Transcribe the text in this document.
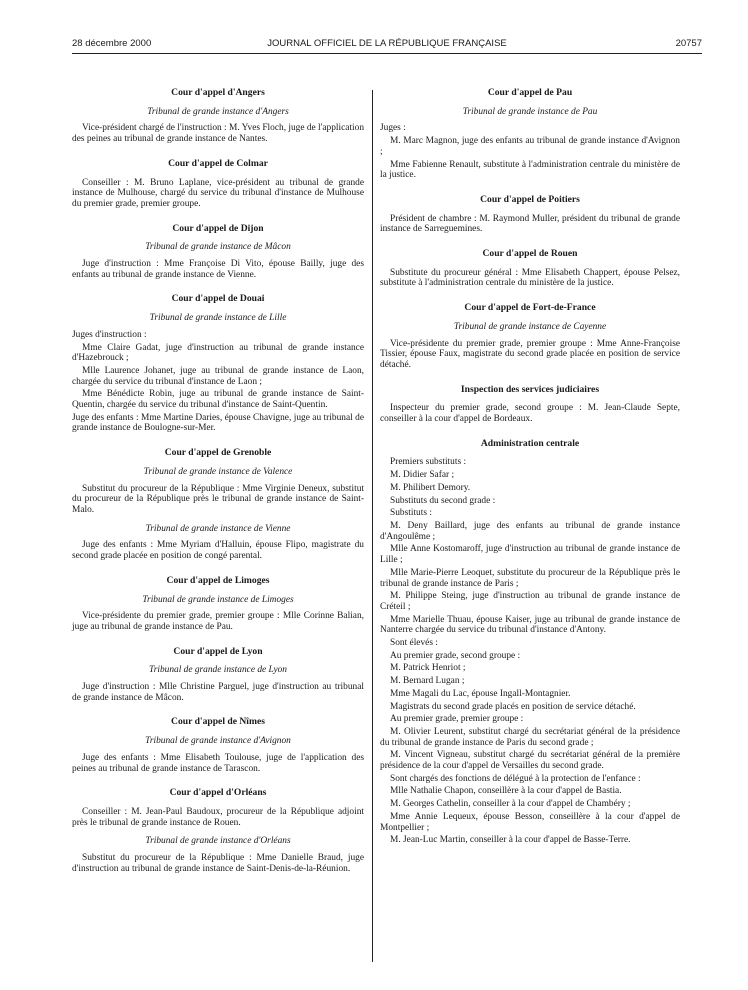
28 décembre 2000	JOURNAL OFFICIEL DE LA RÉPUBLIQUE FRANÇAISE	20757
Cour d'appel d'Angers
Tribunal de grande instance d'Angers

Vice-président chargé de l'instruction : M. Yves Floch, juge de l'application des peines au tribunal de grande instance de Nantes.

Cour d'appel de Colmar

Conseiller : M. Bruno Laplane, vice-président au tribunal de grande instance de Mulhouse, chargé du service du tribunal d'instance de Mulhouse du premier grade, premier groupe.

Cour d'appel de Dijon
Tribunal de grande instance de Mâcon

Juge d'instruction : Mme Françoise Di Vito, épouse Bailly, juge des enfants au tribunal de grande instance de Vienne.

Cour d'appel de Douai
Tribunal de grande instance de Lille

Juges d'instruction :

Mme Claire Gadat, juge d'instruction au tribunal de grande instance d'Hazebrouck ;

Mlle Laurence Johanet, juge au tribunal de grande instance de Laon, chargée du service du tribunal d'instance de Laon ;

Mme Bénédicte Robin, juge au tribunal de grande instance de Saint-Quentin, chargée du service du tribunal d'instance de Saint-Quentin.

Juge des enfants : Mme Martine Daries, épouse Chavigne, juge au tribunal de grande instance de Boulogne-sur-Mer.

Cour d'appel de Grenoble
Tribunal de grande instance de Valence

Substitut du procureur de la République : Mme Virginie Deneux, substitut du procureur de la République près le tribunal de grande instance de Saint-Malo.

Tribunal de grande instance de Vienne

Juge des enfants : Mme Myriam d'Halluin, épouse Flipo, magistrate du second grade placée en position de congé parental.

Cour d'appel de Limoges
Tribunal de grande instance de Limoges

Vice-présidente du premier grade, premier groupe : Mlle Corinne Balian, juge au tribunal de grande instance de Pau.

Cour d'appel de Lyon
Tribunal de grande instance de Lyon

Juge d'instruction : Mlle Christine Parguel, juge d'instruction au tribunal de grande instance de Mâcon.

Cour d'appel de Nîmes
Tribunal de grande instance d'Avignon

Juge des enfants : Mme Elisabeth Toulouse, juge de l'application des peines au tribunal de grande instance de Tarascon.

Cour d'appel d'Orléans

Conseiller : M. Jean-Paul Baudoux, procureur de la République adjoint près le tribunal de grande instance de Rouen.

Tribunal de grande instance d'Orléans

Substitut du procureur de la République : Mme Danielle Braud, juge d'instruction au tribunal de grande instance de Saint-Denis-de-la-Réunion.

Cour d'appel de Pau
Tribunal de grande instance de Pau

Juges :

M. Marc Magnon, juge des enfants au tribunal de grande instance d'Avignon ;

Mme Fabienne Renault, substitute à l'administration centrale du ministère de la justice.

Cour d'appel de Poitiers

Président de chambre : M. Raymond Muller, président du tribunal de grande instance de Sarreguemines.

Cour d'appel de Rouen

Substitute du procureur général : Mme Elisabeth Chappert, épouse Pelsez, substitute à l'administration centrale du ministère de la justice.

Cour d'appel de Fort-de-France
Tribunal de grande instance de Cayenne

Vice-présidente du premier grade, premier groupe : Mme Anne-Françoise Tissier, épouse Faux, magistrate du second grade placée en position de service détaché.

Inspection des services judiciaires

Inspecteur du premier grade, second groupe : M. Jean-Claude Septe, conseiller à la cour d'appel de Bordeaux.

Administration centrale

Premiers substituts :

M. Didier Safar ;

M. Philibert Demory.

Substituts du second grade :

Substituts :

M. Deny Baillard, juge des enfants au tribunal de grande instance d'Angoulême ;

Mlle Anne Kostomaroff, juge d'instruction au tribunal de grande instance de Lille ;

Mlle Marie-Pierre Leoquet, substitute du procureur de la République près le tribunal de grande instance de Paris ;

M. Philippe Steing, juge d'instruction au tribunal de grande instance de Créteil ;

Mme Marielle Thuau, épouse Kaiser, juge au tribunal de grande instance de Nanterre chargée du service du tribunal d'instance d'Antony.

Sont élevés :

Au premier grade, second groupe :

M. Patrick Henriot ;

M. Bernard Lugan ;

Mme Magali du Lac, épouse Ingall-Montagnier.

Magistrats du second grade placés en position de service détaché.

Au premier grade, premier groupe :

M. Olivier Leurent, substitut chargé du secrétariat général de la présidence du tribunal de grande instance de Paris du second grade ;

M. Vincent Vigneau, substitut chargé du secrétariat général de la première présidence de la cour d'appel de Versailles du second grade.

Sont chargés des fonctions de délégué à la protection de l'enfance :

Mlle Nathalie Chapon, conseillère à la cour d'appel de Bastia.

M. Georges Cathelin, conseiller à la cour d'appel de Chambéry ;

Mme Annie Lequeux, épouse Besson, conseillère à la cour d'appel de Montpellier ;

M. Jean-Luc Martin, conseiller à la cour d'appel de Basse-Terre.
